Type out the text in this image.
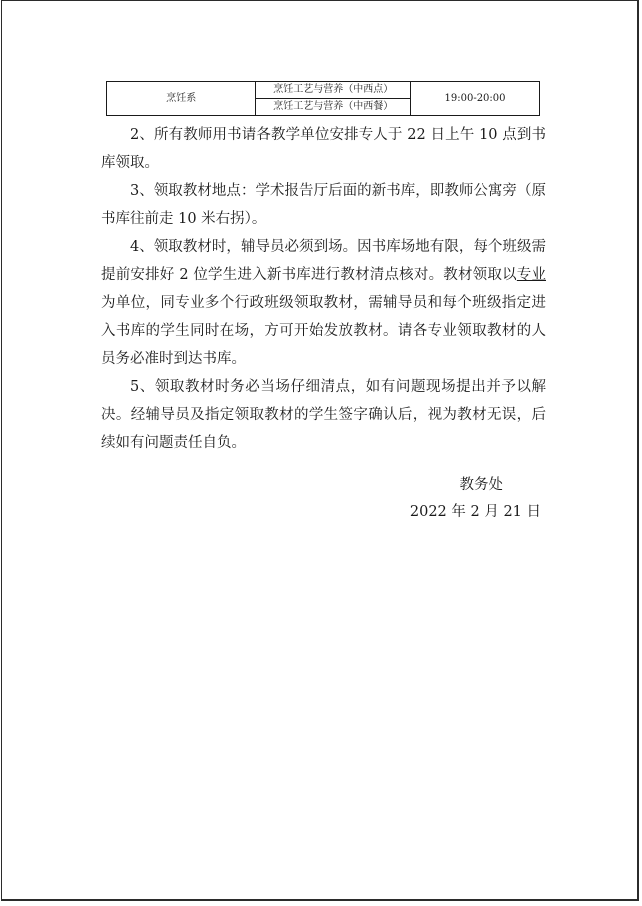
烹饪系	烹饪工艺与营养（中西点）	19:00-20:00
烹饪工艺与营养（中西餐）

2、所有教师用书请各教学单位安排专人于 22 日上午 10 点到书库领取。

3、领取教材地点：学术报告厅后面的新书库，即教师公寓旁（原书库往前走 10 米右拐）。

4、领取教材时，辅导员必须到场。因书库场地有限，每个班级需提前安排好 2 位学生进入新书库进行教材清点核对。教材领取以专业为单位，同专业多个行政班级领取教材，需辅导员和每个班级指定进入书库的学生同时在场，方可开始发放教材。请各专业领取教材的人员务必准时到达书库。

5、领取教材时务必当场仔细清点，如有问题现场提出并予以解决。经辅导员及指定领取教材的学生签字确认后，视为教材无误，后续如有问题责任自负。

教务处
2022 年 2 月 21 日
